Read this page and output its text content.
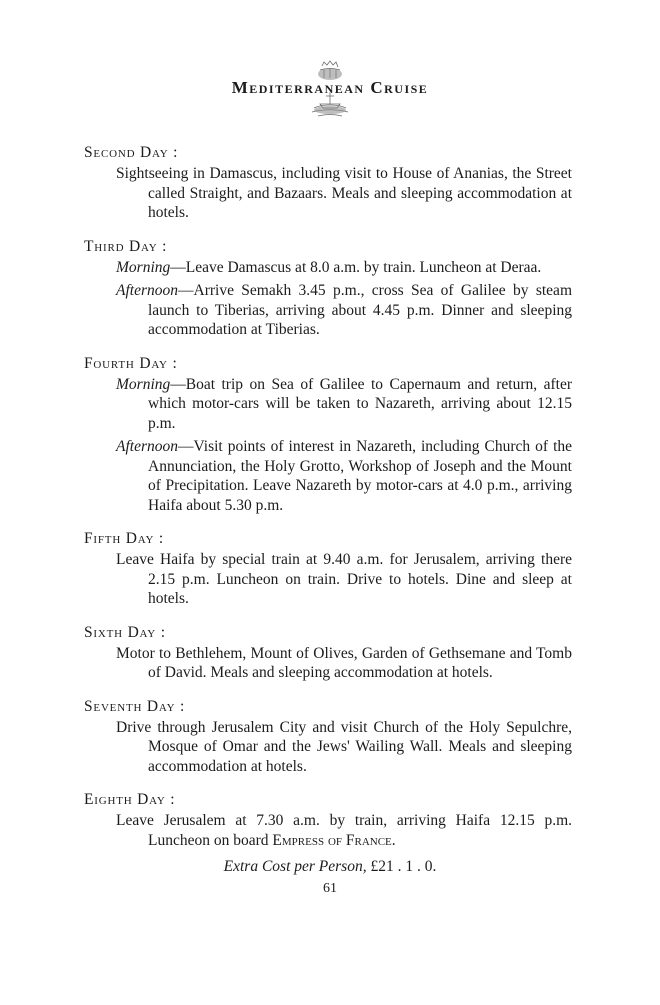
Mediterranean Cruise
Second Day :

Sightseeing in Damascus, including visit to House of Ananias, the Street called Straight, and Bazaars. Meals and sleeping accommodation at hotels.

Third Day :

Morning—Leave Damascus at 8.0 a.m. by train. Luncheon at Deraa.

Afternoon—Arrive Semakh 3.45 p.m., cross Sea of Galilee by steam launch to Tiberias, arriving about 4.45 p.m. Dinner and sleeping accommodation at Tiberias.

Fourth Day :

Morning—Boat trip on Sea of Galilee to Capernaum and return, after which motor-cars will be taken to Nazareth, arriving about 12.15 p.m.

Afternoon—Visit points of interest in Nazareth, including Church of the Annunciation, the Holy Grotto, Workshop of Joseph and the Mount of Precipitation. Leave Nazareth by motor-cars at 4.0 p.m., arriving Haifa about 5.30 p.m.

Fifth Day :

Leave Haifa by special train at 9.40 a.m. for Jerusalem, arriving there 2.15 p.m. Luncheon on train. Drive to hotels. Dine and sleep at hotels.

Sixth Day :

Motor to Bethlehem, Mount of Olives, Garden of Gethsemane and Tomb of David. Meals and sleeping accommodation at hotels.

Seventh Day :

Drive through Jerusalem City and visit Church of the Holy Sepulchre, Mosque of Omar and the Jews' Wailing Wall. Meals and sleeping accommodation at hotels.

Eighth Day :

Leave Jerusalem at 7.30 a.m. by train, arriving Haifa 12.15 p.m. Luncheon on board Empress of France.

Extra Cost per Person, £21 . 1 . 0.
61
